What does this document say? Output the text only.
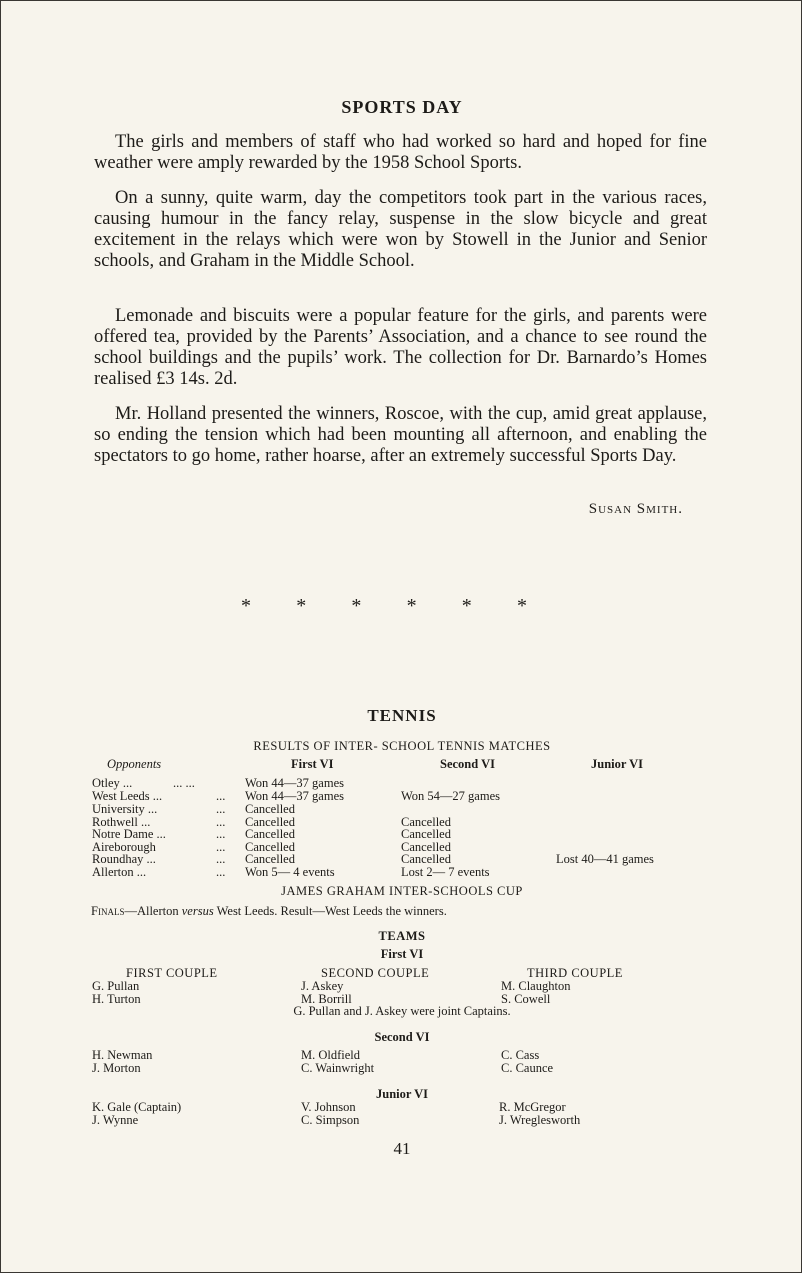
SPORTS DAY

The girls and members of staff who had worked so hard and hoped for fine weather were amply rewarded by the 1958 School Sports.

On a sunny, quite warm, day the competitors took part in the various races, causing humour in the fancy relay, suspense in the slow bicycle and great excitement in the relays which were won by Stowell in the Junior and Senior schools, and Graham in the Middle School.

Lemonade and biscuits were a popular feature for the girls, and parents were offered tea, provided by the Parents’ Association, and a chance to see round the school buildings and the pupils’ work. The collection for Dr. Barnardo’s Homes realised £3 14s. 2d.

Mr. Holland presented the winners, Roscoe, with the cup, amid great applause, so ending the tension which had been mounting all afternoon, and enabling the spectators to go home, rather hoarse, after an extremely successful Sports Day.

Susan Smith.
* * * * * *
TENNIS
RESULTS OF INTER- SCHOOL TENNIS MATCHES
Opponents	First VI	Second VI	Junior VI
Otley ...	... ...	Won 44—37 games
West Leeds ...	... Won 44—37 games	Won 54—27 games
University ...	... Cancelled
Rothwell ...	... Cancelled	Cancelled
Notre Dame ...	... Cancelled	Cancelled
Aireborough	... Cancelled	Cancelled
Roundhay ...	... Cancelled	Cancelled	Lost 40—41 games
Allerton ...	... Won 5— 4 events	Lost 2— 7 events
JAMES GRAHAM INTER-SCHOOLS CUP
Finals—Allerton versus West Leeds. Result—West Leeds the winners.
TEAMS
First VI
FIRST COUPLE	SECOND COUPLE	THIRD COUPLE
G. Pullan	J. Askey	M. Claughton
H. Turton	M. Borrill	S. Cowell
G. Pullan and J. Askey were joint Captains.
Second VI
H. Newman	M. Oldfield	C. Cass
J. Morton	C. Wainwright	C. Caunce
Junior VI
K. Gale (Captain)	V. Johnson	R. McGregor
J. Wynne	C. Simpson	J. Wreglesworth
41
